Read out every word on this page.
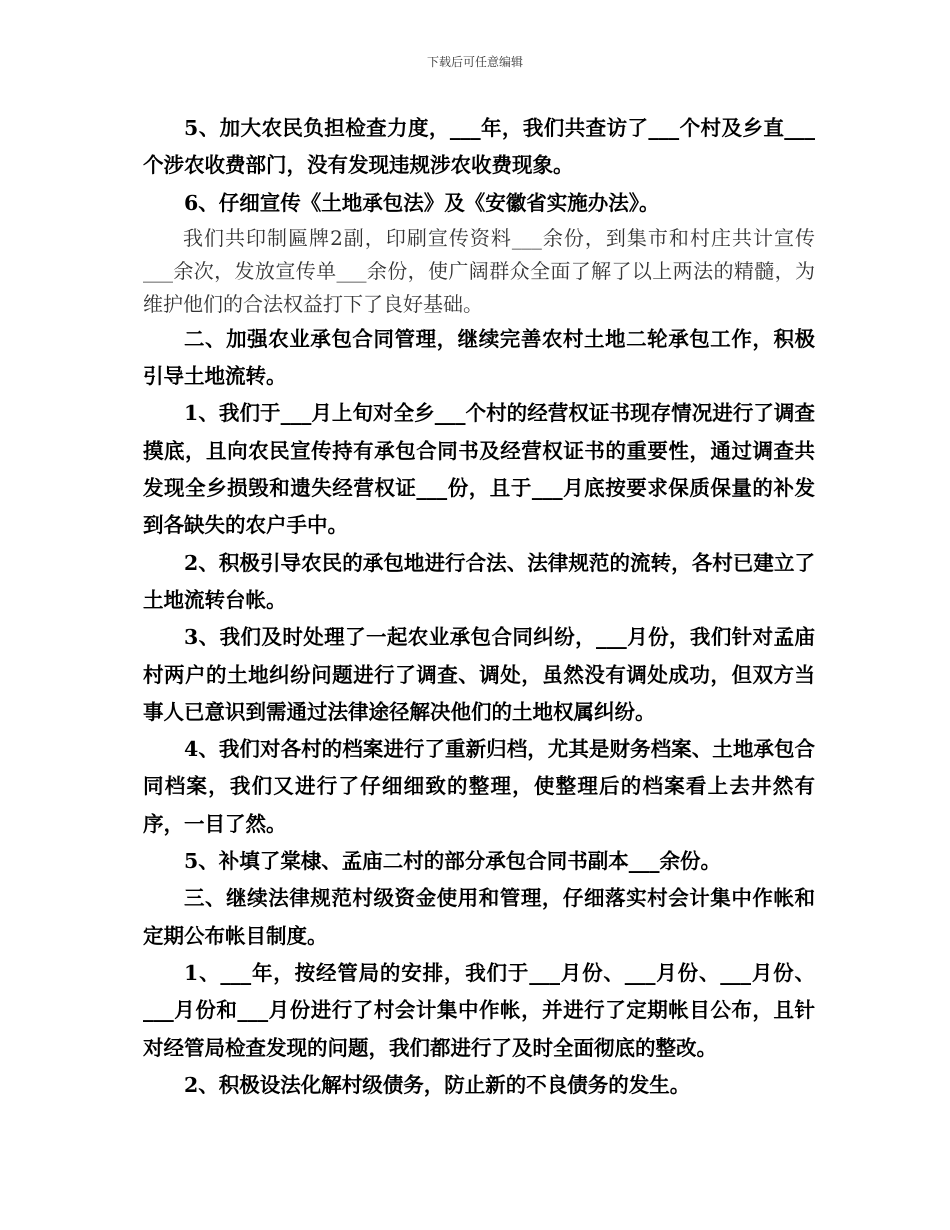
下载后可任意编辑

5、加大农民负担检查力度，___年，我们共查访了___个村及乡直___个涉农收费部门，没有发现违规涉农收费现象。

6、仔细宣传《土地承包法》及《安徽省实施办法》。

我们共印制匾牌2副，印刷宣传资料___余份，到集市和村庄共计宣传___余次，发放宣传单___余份，使广阔群众全面了解了以上两法的精髓，为维护他们的合法权益打下了良好基础。

二、加强农业承包合同管理，继续完善农村土地二轮承包工作，积极引导土地流转。

1、我们于___月上旬对全乡___个村的经营权证书现存情况进行了调查摸底，且向农民宣传持有承包合同书及经营权证书的重要性，通过调查共发现全乡损毁和遗失经营权证___份，且于___月底按要求保质保量的补发到各缺失的农户手中。

2、积极引导农民的承包地进行合法、法律规范的流转，各村已建立了土地流转台帐。

3、我们及时处理了一起农业承包合同纠纷，___月份，我们针对孟庙村两户的土地纠纷问题进行了调查、调处，虽然没有调处成功，但双方当事人已意识到需通过法律途径解决他们的土地权属纠纷。

4、我们对各村的档案进行了重新归档，尤其是财务档案、土地承包合同档案，我们又进行了仔细细致的整理，使整理后的档案看上去井然有序，一目了然。

5、补填了棠棣、孟庙二村的部分承包合同书副本___余份。

三、继续法律规范村级资金使用和管理，仔细落实村会计集中作帐和定期公布帐目制度。

1、___年，按经管局的安排，我们于___月份、___月份、___月份、___月份和___月份进行了村会计集中作帐，并进行了定期帐目公布，且针对经管局检查发现的问题，我们都进行了及时全面彻底的整改。

2、积极设法化解村级债务，防止新的不良债务的发生。
